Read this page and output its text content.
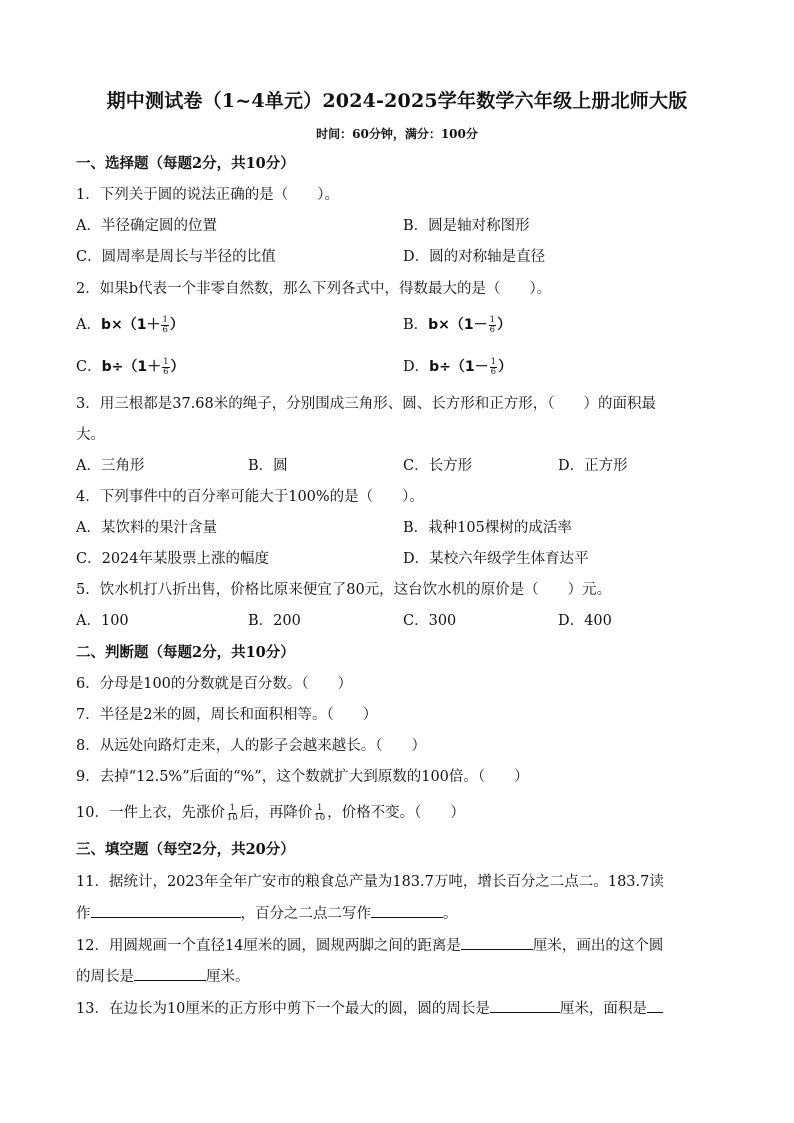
期中测试卷（1~4单元）2024-2025学年数学六年级上册北师大版
时间：60分钟，满分：100分
一、选择题（每题2分，共10分）
1．下列关于圆的说法正确的是（　　）。
A．半径确定圆的位置	B．圆是轴对称图形
C．圆周率是周长与半径的比值	D．圆的对称轴是直径
2．如果b代表一个非零自然数，那么下列各式中，得数最大的是（　　）。
A．$b\times(1+ \frac{1}{6}$ ）	B．$b\times(1- \frac{1}{6}$ ）
C．$b\div(1+ \frac{1}{6}$ ）	D．$b\div(1- \frac{1}{6}$ ）
3．用三根都是37.68米的绳子，分别围成三角形、圆、长方形和正方形，（　　）的面积最
大。
A．三角形	B．圆	C．长方形	D．正方形
4．下列事件中的百分率可能大于100%的是（　　）。
A．某饮料的果汁含量	B．栽种105棵树的成活率
C．2024年某股票上涨的幅度	D．某校六年级学生体育达平
5．饮水机打八折出售，价格比原来便宜了80元，这台饮水机的原价是（　　）元。
A．100	B．200	C．300	D．400
二、判断题（每题2分，共10分）
6．分母是100的分数就是百分数。（　　）
7．半径是2米的圆，周长和面积相等。（　　）
8．从远处向路灯走来，人的影子会越来越长。（　　）
9．去掉“12.5%”后面的“%”，这个数就扩大到原数的100倍。（　　）
10．一件上衣，先涨价 $\frac{1}{10}$ 后，再降价 $\frac{1}{10}$ ，价格不变。（　　）
三、填空题（每空2分，共20分）
11．据统计，2023年全年广安市的粮食总产量为183.7万吨，增长百分之二点二。183.7读
作	，百分之二点二写作	。
12．用圆规画一个直径14厘米的圆，圆规两脚之间的距离是	厘米，画出的这个圆
的周长是	厘米。
13．在边长为10厘米的正方形中剪下一个最大的圆，圆的周长是	厘米，面积是
